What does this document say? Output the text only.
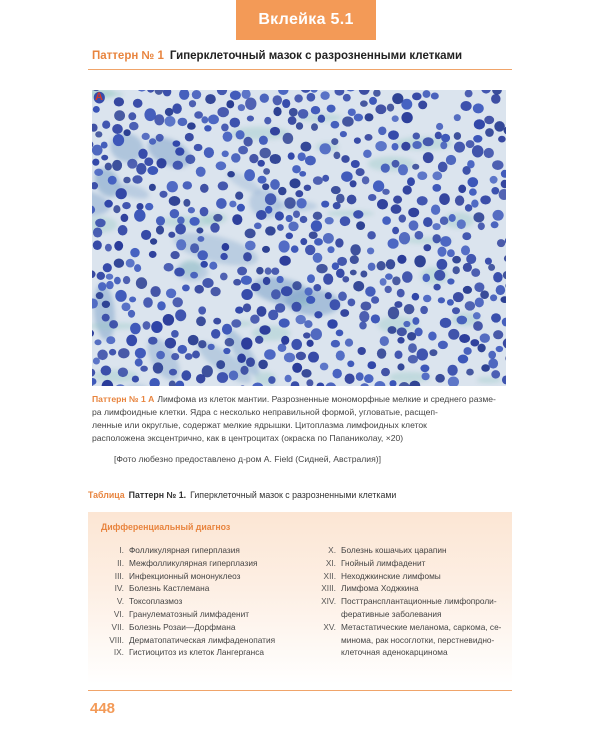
Вклейка 5.1
Паттерн № 1 Гиперклеточный мазок с разрозненными клетками
A
Паттерн № 1 А Лимфома из клеток мантии. Разрозненные мономорфные мелкие и среднего разме-
ра лимфоидные клетки. Ядра с несколько неправильной формой, угловатые, расщеп-
ленные или округлые, содержат мелкие ядрышки. Цитоплазма лимфоидных клеток
расположена эксцентрично, как в центроцитах (окраска по Папаниколау, ×20)
[Фото любезно предоставлено д-ром A. Field (Сидней, Австралия)]
Таблица Паттерн № 1. Гиперклеточный мазок с разрозненными клетками
Дифференциальный диагноз
I. Фолликулярная гиперплазия
II. Межфолликулярная гиперплазия
III. Инфекционный мононуклеоз
IV. Болезнь Кастлемана
V. Токсоплазмоз
VI. Гранулематозный лимфаденит
VII. Болезнь Розаи—Дорфмана
VIII. Дерматопатическая лимфаденопатия
IX. Гистиоцитоз из клеток Лангерганса
X. Болезнь кошачьих царапин
XI. Гнойный лимфаденит
XII. Неходжкинские лимфомы
XIII. Лимфома Ходжкина
XIV. Посттрансплантационные лимфопроли-
феративные заболевания
XV. Метастатические меланома, саркома, се-
минома, рак носоглотки, перстневидно-
клеточная аденокарцинома
448
